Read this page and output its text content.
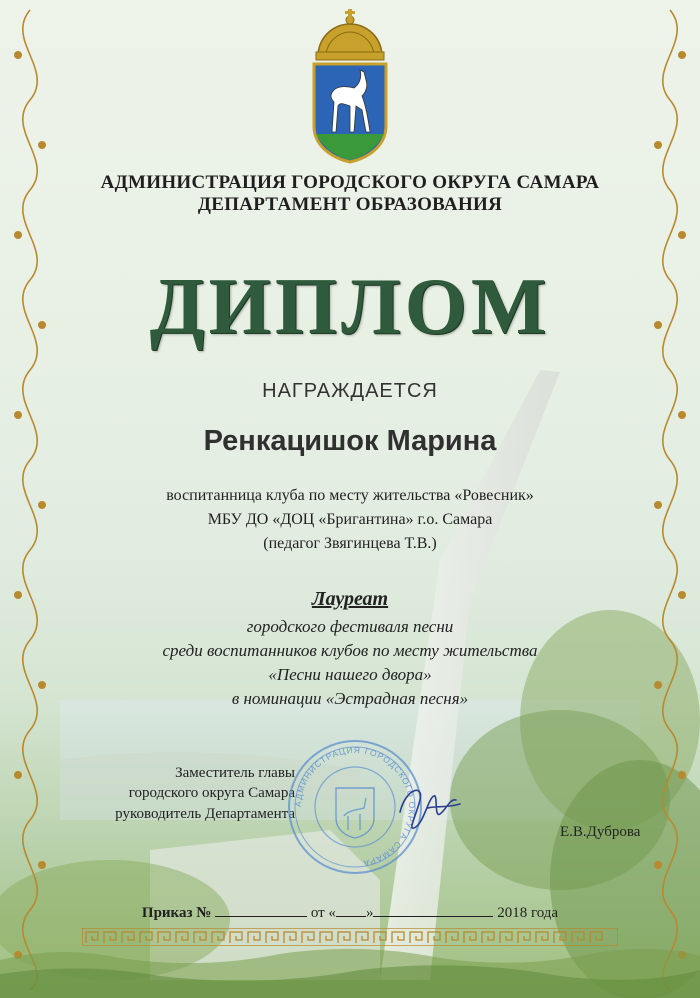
АДМИНИСТРАЦИЯ ГОРОДСКОГО ОКРУГА САМАРА
ДЕПАРТАМЕНТ ОБРАЗОВАНИЯ
ДИПЛОМ
НАГРАЖДАЕТСЯ
Ренкацишок Марина
воспитанница клуба по месту жительства «Ровесник»
МБУ ДО «ДОЦ «Бригантина» г.о. Самара
(педагог Звягинцева Т.В.)
Лауреат
городского фестиваля песни
среди воспитанников клубов по месту жительства
«Песни нашего двора»
в номинации «Эстрадная песня»
Заместитель главы
городского округа Самара
руководитель Департамента
АДМИНИСТРАЦИЯ ГОРОДСКОГО ОКРУГА САМАРА
Е.В.Дуброва
Приказ №	от « »	2018 года
